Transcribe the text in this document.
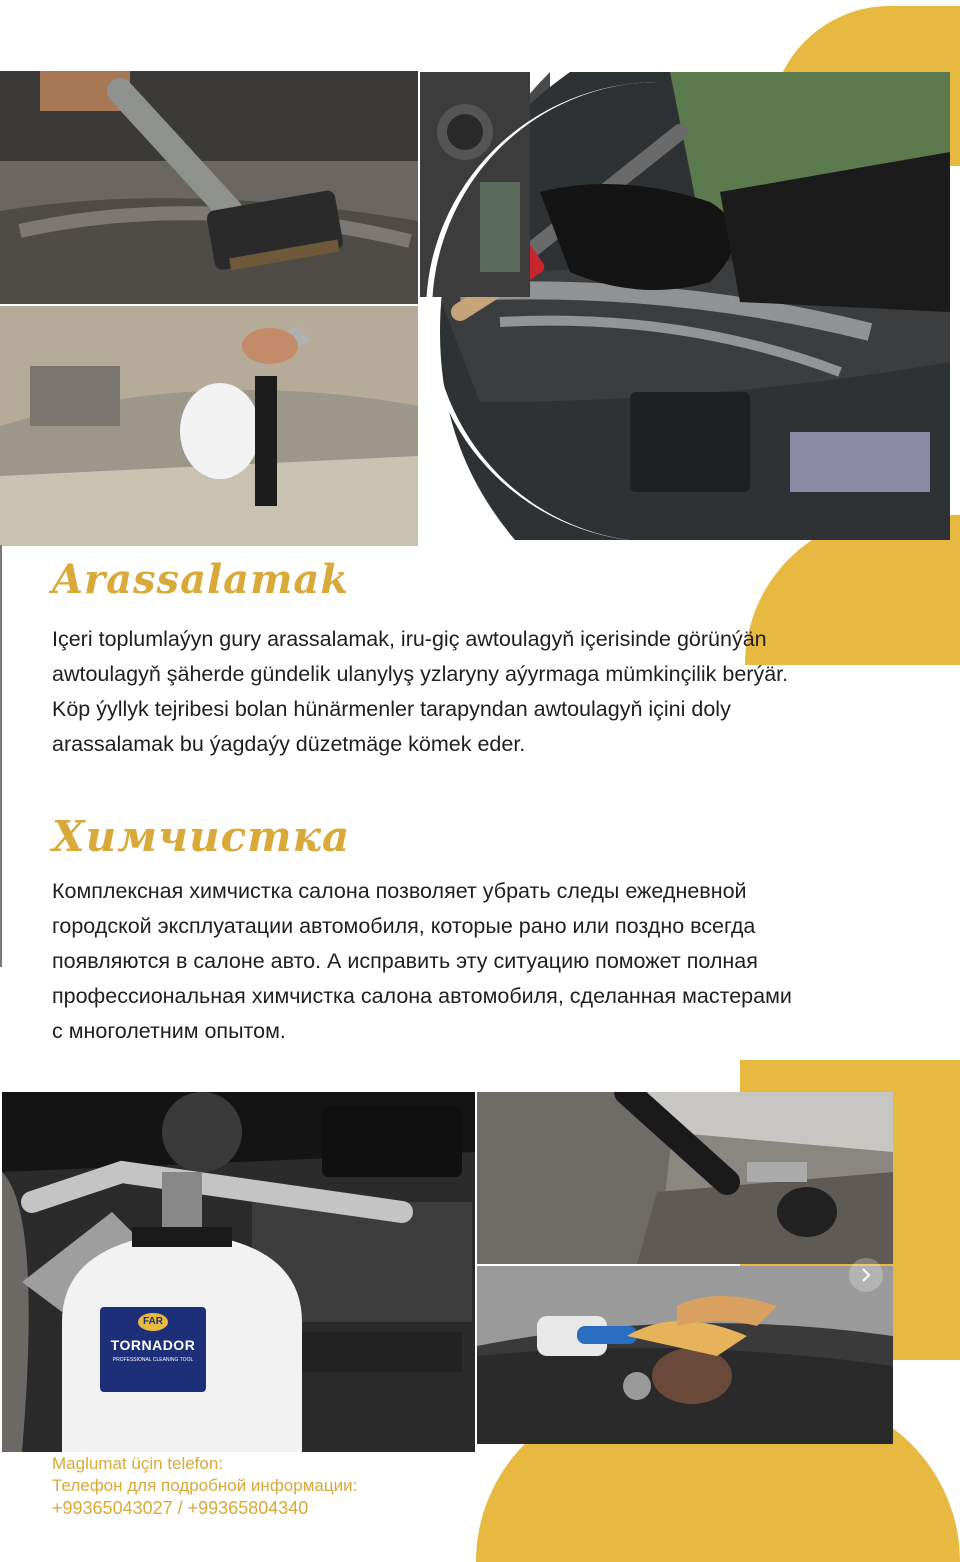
Arassalamak
Içeri toplumlaýyn gury arassalamak, iru-giç awtoulagyň içerisinde görünýän
awtoulagyň şäherde gündelik ulanylyş yzlaryny aýyrmaga mümkinçilik berýär.
Köp ýyllyk tejribesi bolan hünärmenler tarapyndan awtoulagyň içini doly
arassalamak bu ýagdaýy düzetmäge kömek eder.
Химчистка
Комплексная химчистка салона позволяет убрать следы ежедневной
городской эксплуатации автомобиля, которые рано или поздно всегда
появляются в салоне авто. А исправить эту ситуацию поможет полная
профессиональная химчистка салона автомобиля, сделанная мастерами
с многолетним опытом.
FAR
TORNADOR
PROFESSIONAL CLEANING TOOL
Maglumat üçin telefon:
Телефон для подробной информации:
+99365043027 / +99365804340
